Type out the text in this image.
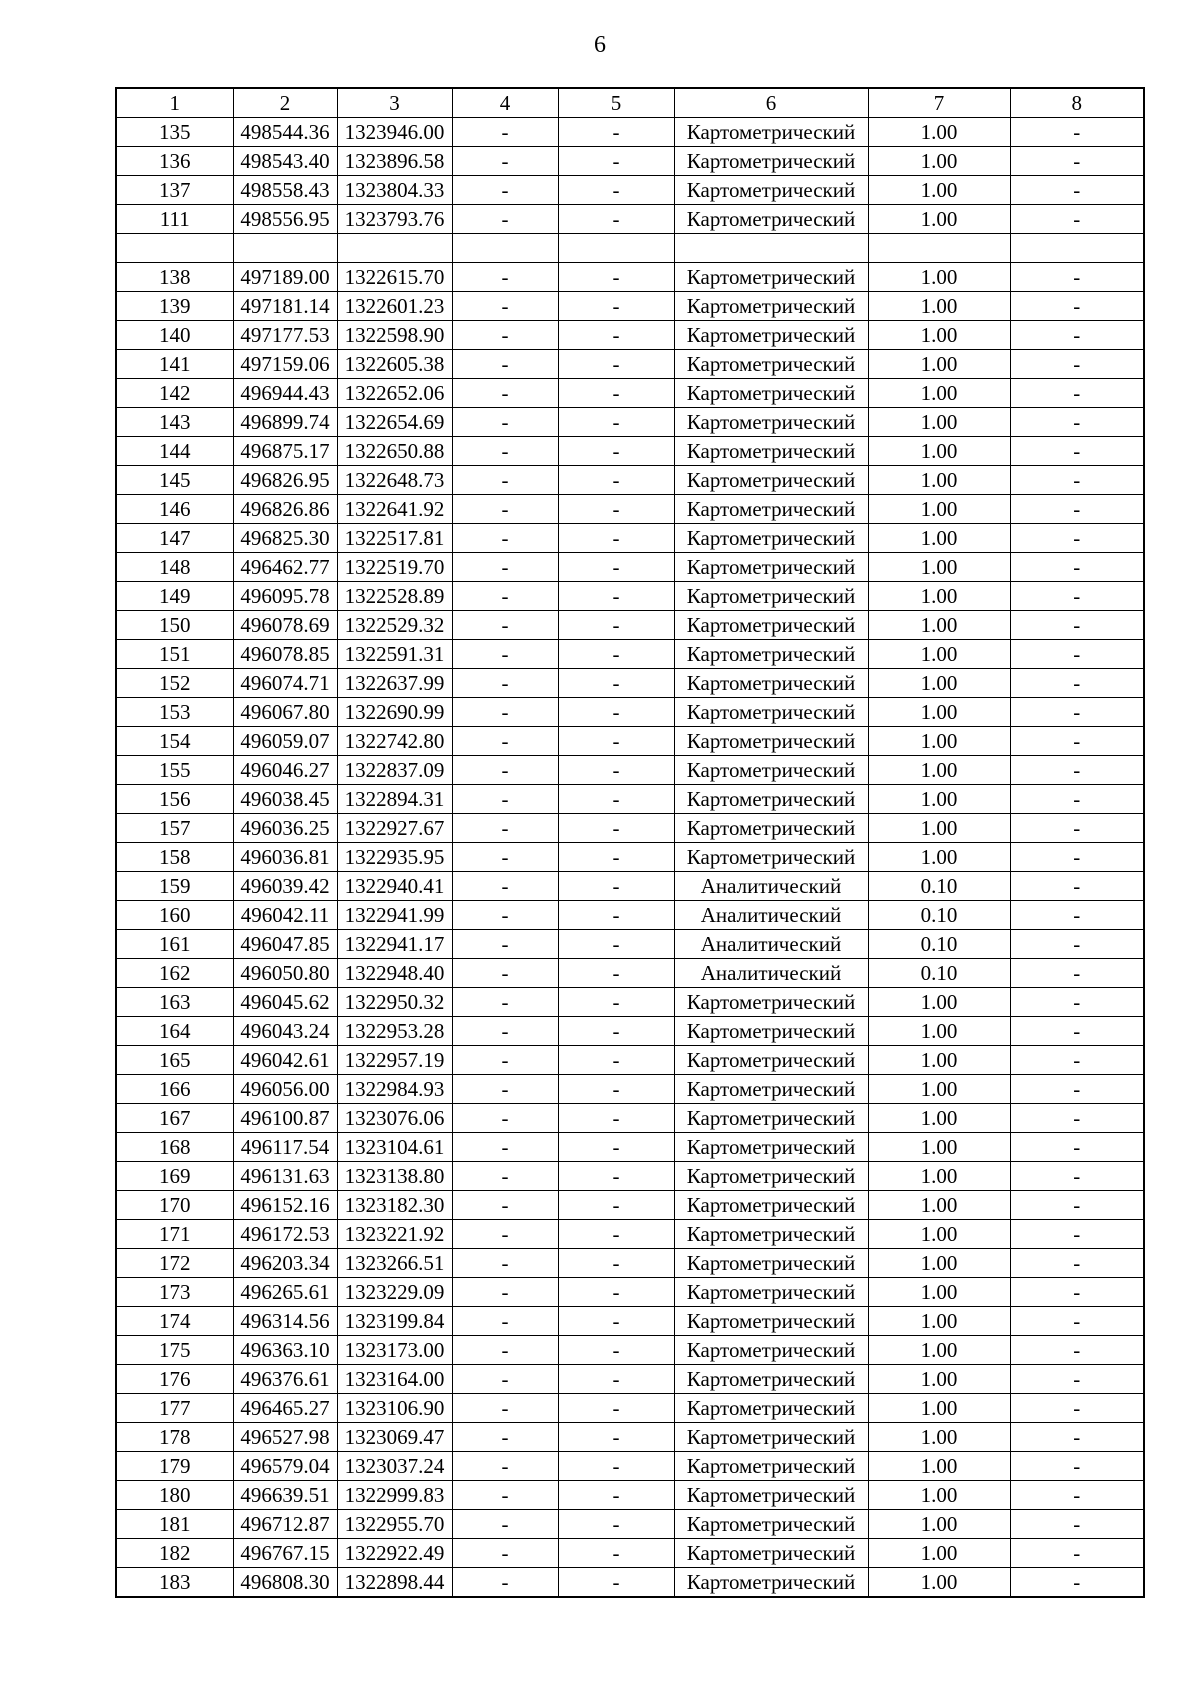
6
1	2	3	4	5	6	7	8
135	498544.36	1323946.00	-	-	Картометрический	1.00	-
136	498543.40	1323896.58	-	-	Картометрический	1.00	-
137	498558.43	1323804.33	-	-	Картометрический	1.00	-
111	498556.95	1323793.76	-	-	Картометрический	1.00	-

138	497189.00	1322615.70	-	-	Картометрический	1.00	-
139	497181.14	1322601.23	-	-	Картометрический	1.00	-
140	497177.53	1322598.90	-	-	Картометрический	1.00	-
141	497159.06	1322605.38	-	-	Картометрический	1.00	-
142	496944.43	1322652.06	-	-	Картометрический	1.00	-
143	496899.74	1322654.69	-	-	Картометрический	1.00	-
144	496875.17	1322650.88	-	-	Картометрический	1.00	-
145	496826.95	1322648.73	-	-	Картометрический	1.00	-
146	496826.86	1322641.92	-	-	Картометрический	1.00	-
147	496825.30	1322517.81	-	-	Картометрический	1.00	-
148	496462.77	1322519.70	-	-	Картометрический	1.00	-
149	496095.78	1322528.89	-	-	Картометрический	1.00	-
150	496078.69	1322529.32	-	-	Картометрический	1.00	-
151	496078.85	1322591.31	-	-	Картометрический	1.00	-
152	496074.71	1322637.99	-	-	Картометрический	1.00	-
153	496067.80	1322690.99	-	-	Картометрический	1.00	-
154	496059.07	1322742.80	-	-	Картометрический	1.00	-
155	496046.27	1322837.09	-	-	Картометрический	1.00	-
156	496038.45	1322894.31	-	-	Картометрический	1.00	-
157	496036.25	1322927.67	-	-	Картометрический	1.00	-
158	496036.81	1322935.95	-	-	Картометрический	1.00	-
159	496039.42	1322940.41	-	-	Аналитический	0.10	-
160	496042.11	1322941.99	-	-	Аналитический	0.10	-
161	496047.85	1322941.17	-	-	Аналитический	0.10	-
162	496050.80	1322948.40	-	-	Аналитический	0.10	-
163	496045.62	1322950.32	-	-	Картометрический	1.00	-
164	496043.24	1322953.28	-	-	Картометрический	1.00	-
165	496042.61	1322957.19	-	-	Картометрический	1.00	-
166	496056.00	1322984.93	-	-	Картометрический	1.00	-
167	496100.87	1323076.06	-	-	Картометрический	1.00	-
168	496117.54	1323104.61	-	-	Картометрический	1.00	-
169	496131.63	1323138.80	-	-	Картометрический	1.00	-
170	496152.16	1323182.30	-	-	Картометрический	1.00	-
171	496172.53	1323221.92	-	-	Картометрический	1.00	-
172	496203.34	1323266.51	-	-	Картометрический	1.00	-
173	496265.61	1323229.09	-	-	Картометрический	1.00	-
174	496314.56	1323199.84	-	-	Картометрический	1.00	-
175	496363.10	1323173.00	-	-	Картометрический	1.00	-
176	496376.61	1323164.00	-	-	Картометрический	1.00	-
177	496465.27	1323106.90	-	-	Картометрический	1.00	-
178	496527.98	1323069.47	-	-	Картометрический	1.00	-
179	496579.04	1323037.24	-	-	Картометрический	1.00	-
180	496639.51	1322999.83	-	-	Картометрический	1.00	-
181	496712.87	1322955.70	-	-	Картометрический	1.00	-
182	496767.15	1322922.49	-	-	Картометрический	1.00	-
183	496808.30	1322898.44	-	-	Картометрический	1.00	-
